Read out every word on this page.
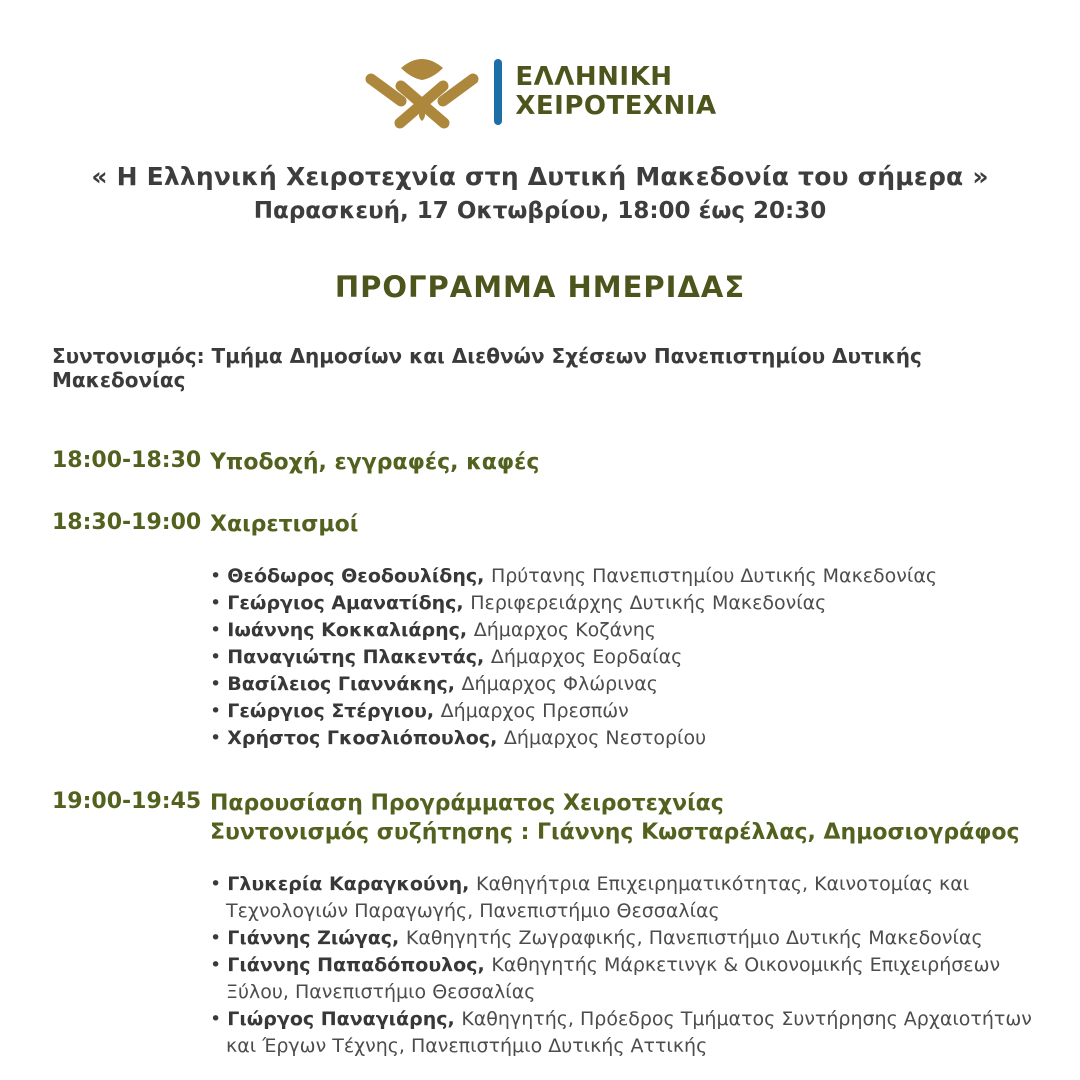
ΕΛΛΗΝΙΚΗ
ΧΕΙΡΟΤΕΧΝΙΑ
« Η Ελληνική Χειροτεχνία στη Δυτική Μακεδονία του σήμερα »
Παρασκευή, 17 Οκτωβρίου, 18:00 έως 20:30
ΠΡΟΓΡΑΜΜΑ ΗΜΕΡΙΔΑΣ
Συντονισμός: Τμήμα Δημοσίων και Διεθνών Σχέσεων Πανεπιστημίου Δυτικής Μακεδονίας
18:00-18:30 Υποδοχή, εγγραφές, καφές
18:30-19:00 Χαιρετισμοί
• Θεόδωρος Θεοδουλίδης, Πρύτανης Πανεπιστημίου Δυτικής Μακεδονίας
• Γεώργιος Αμανατίδης, Περιφερειάρχης Δυτικής Μακεδονίας
• Ιωάννης Κοκκαλιάρης, Δήμαρχος Κοζάνης
• Παναγιώτης Πλακεντάς, Δήμαρχος Εορδαίας
• Βασίλειος Γιαννάκης, Δήμαρχος Φλώρινας
• Γεώργιος Στέργιου, Δήμαρχος Πρεσπών
• Χρήστος Γκοσλιόπουλος, Δήμαρχος Νεστορίου
19:00-19:45 Παρουσίαση Προγράμματος Χειροτεχνίας
Συντονισμός συζήτησης : Γιάννης Κωσταρέλλας, Δημοσιογράφος
• Γλυκερία Καραγκούνη, Καθηγήτρια Επιχειρηματικότητας, Καινοτομίας και Τεχνολογιών Παραγωγής, Πανεπιστήμιο Θεσσαλίας
• Γιάννης Ζιώγας, Καθηγητής Ζωγραφικής, Πανεπιστήμιο Δυτικής Μακεδονίας
• Γιάννης Παπαδόπουλος, Καθηγητής Μάρκετινγκ & Οικονομικής Επιχειρήσεων Ξύλου, Πανεπιστήμιο Θεσσαλίας
• Γιώργος Παναγιάρης, Καθηγητής, Πρόεδρος Τμήματος Συντήρησης Αρχαιοτήτων και Έργων Τέχνης, Πανεπιστήμιο Δυτικής Αττικής
